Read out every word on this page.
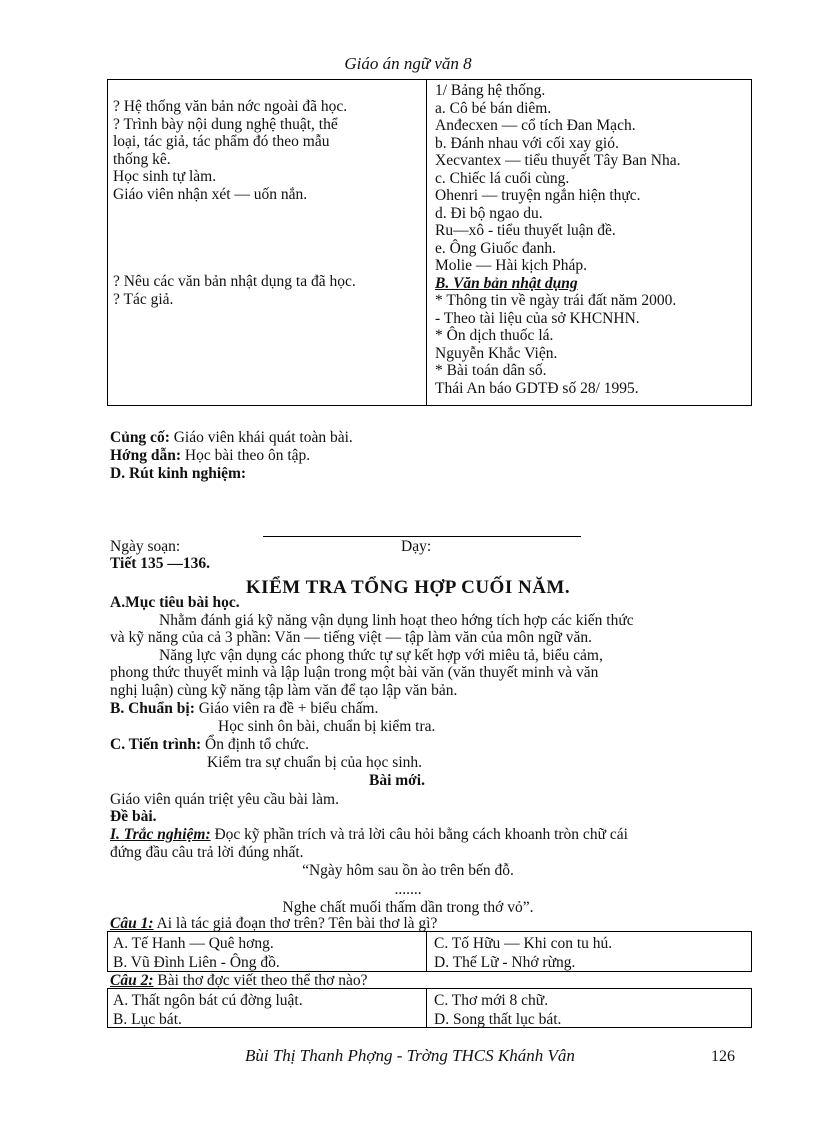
Giáo án ngữ văn 8
? Hệ thống văn bản nớc ngoài đã học.
? Trình bày nội dung nghệ thuật, thể
loại, tác giả, tác phẩm đó theo mẫu
thống kê.
Học sinh tự làm.
Giáo viên nhận xét — uốn nắn.
? Nêu các văn bản nhật dụng ta đã học.
? Tác giả.
1/ Bảng hệ thống.
a. Cô bé bán diêm.
Anđecxen — cổ tích Đan Mạch.
b. Đánh nhau với cối xay gió.
Xecvantex — tiểu thuyết Tây Ban Nha.
c. Chiếc lá cuối cùng.
Ohenri — truyện ngắn hiện thực.
d. Đi bộ ngao du.
Ru—xô - tiểu thuyết luận đề.
e. Ông Giuốc đanh.
Molie — Hài kịch Pháp.
B. Văn bản nhật dụng
* Thông tin về ngày trái đất năm 2000.
- Theo tài liệu của sở KHCNHN.
* Ôn dịch thuốc lá.
Nguyễn Khắc Viện.
* Bài toán dân số.
Thái An báo GDTĐ số 28/ 1995.
Củng cố: Giáo viên khái quát toàn bài.
Hớng dẫn: Học bài theo ôn tập.
D. Rút kinh nghiệm:
Ngày soạn:	Dạy:
Tiết 135 —136.
KIỂM TRA TỔNG HỢP CUỐI NĂM.
A.Mục tiêu bài học.
Nhằm đánh giá kỹ năng vận dụng linh hoạt theo hớng tích hợp các kiến thức
và kỹ năng của cả 3 phần: Văn — tiếng việt — tập làm văn của môn ngữ văn.
Năng lực vận dụng các phong thức tự sự kết hợp với miêu tả, biểu cảm,
phong thức thuyết minh và lập luận trong một bài văn (văn thuyết minh và văn
nghị luận) cùng kỹ năng tập làm văn để tạo lập văn bản.
B. Chuẩn bị: Giáo viên ra đề + biểu chấm.
Học sinh ôn bài, chuẩn bị kiểm tra.
C. Tiến trình: Ổn định tổ chức.
Kiểm tra sự chuẩn bị của học sinh.
Bài mới.
Giáo viên quán triệt yêu cầu bài làm.
Đề bài.
I. Trắc nghiệm: Đọc kỹ phần trích và trả lời câu hỏi bằng cách khoanh tròn chữ cái
đứng đầu câu trả lời đúng nhất.
“Ngày hôm sau ồn ào trên bến đỗ.
.......
Nghe chất muối thấm dần trong thớ vỏ”.
Câu 1: Ai là tác giả đoạn thơ trên? Tên bài thơ là gì?
A. Tế Hanh — Quê hơng.
B. Vũ Đình Liên - Ông đồ.
C. Tố Hữu — Khi con tu hú.
D. Thế Lữ - Nhớ rừng.
Câu 2: Bài thơ đợc viết theo thể thơ nào?
A. Thất ngôn bát cú đờng luật.
B. Lục bát.
C. Thơ mới 8 chữ.
D. Song thất lục bát.
Bùi Thị Thanh Phợng - Trờng THCS Khánh Vân	126
